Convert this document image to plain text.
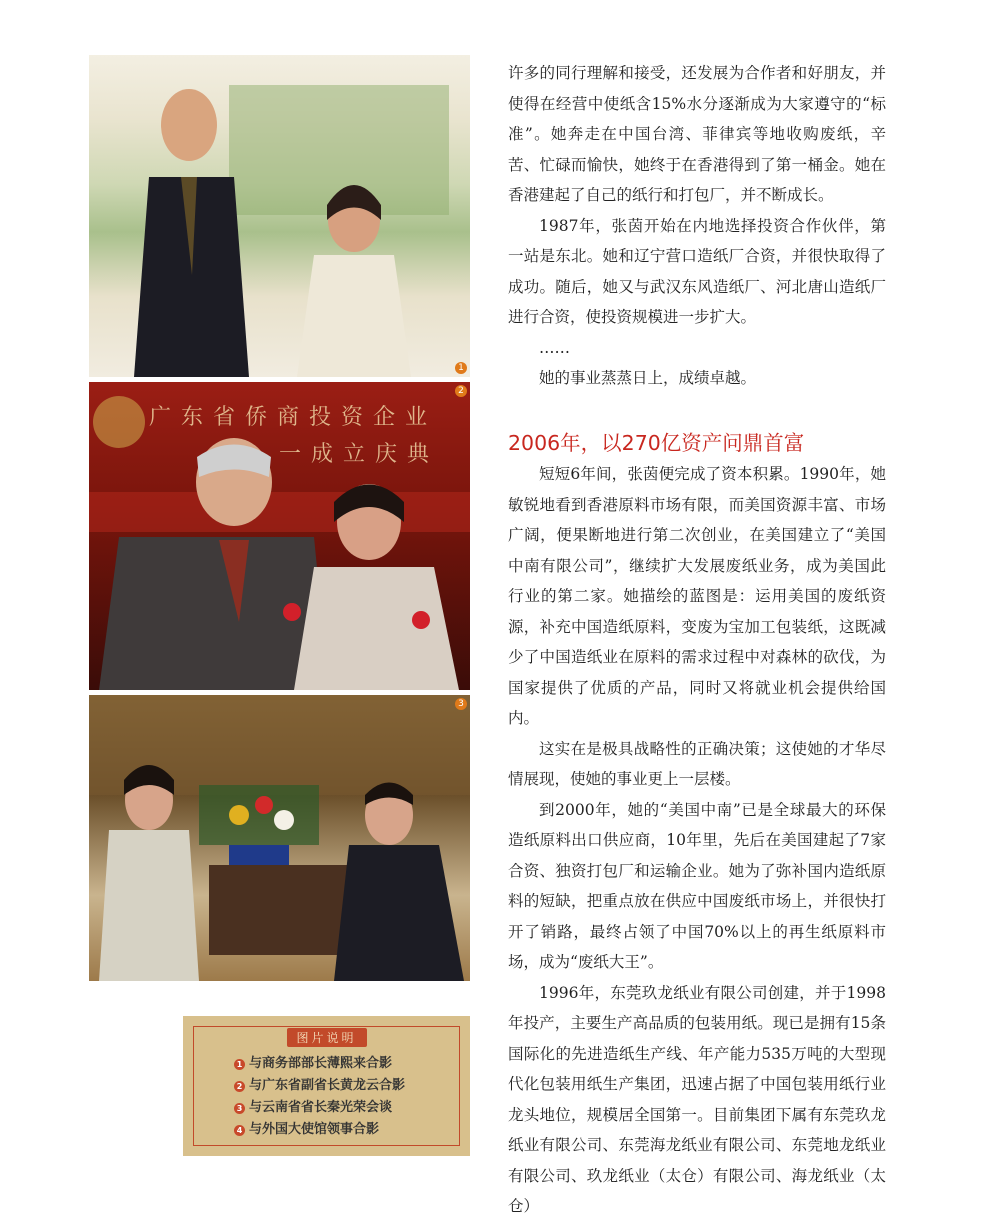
1
广东省侨商投资企业
一成立庆典
2
3
图片说明
1 与商务部部长薄熙来合影
2 与广东省副省长黄龙云合影
3 与云南省省长秦光荣会谈
4 与外国大使馆领事合影

许多的同行理解和接受，还发展为合作者和好朋友，并使得在经营中使纸含15%水分逐渐成为大家遵守的“标准”。她奔走在中国台湾、菲律宾等地收购废纸，辛苦、忙碌而愉快，她终于在香港得到了第一桶金。她在香港建起了自己的纸行和打包厂，并不断成长。

1987年，张茵开始在内地选择投资合作伙伴，第一站是东北。她和辽宁营口造纸厂合资，并很快取得了成功。随后，她又与武汉东风造纸厂、河北唐山造纸厂进行合资，使投资规模进一步扩大。

……

她的事业蒸蒸日上，成绩卓越。

2006年，以270亿资产问鼎首富

短短6年间，张茵便完成了资本积累。1990年，她敏锐地看到香港原料市场有限，而美国资源丰富、市场广阔，便果断地进行第二次创业，在美国建立了“美国中南有限公司”，继续扩大发展废纸业务，成为美国此行业的第二家。她描绘的蓝图是：运用美国的废纸资源，补充中国造纸原料，变废为宝加工包装纸，这既减少了中国造纸业在原料的需求过程中对森林的砍伐，为国家提供了优质的产品，同时又将就业机会提供给国内。

这实在是极具战略性的正确决策；这使她的才华尽情展现，使她的事业更上一层楼。

到2000年，她的“美国中南”已是全球最大的环保造纸原料出口供应商，10年里，先后在美国建起了7家合资、独资打包厂和运输企业。她为了弥补国内造纸原料的短缺，把重点放在供应中国废纸市场上，并很快打开了销路，最终占领了中国70%以上的再生纸原料市场，成为“废纸大王”。

1996年，东莞玖龙纸业有限公司创建，并于1998年投产，主要生产高品质的包装用纸。现已是拥有15条国际化的先进造纸生产线、年产能力535万吨的大型现代化包装用纸生产集团，迅速占据了中国包装用纸行业龙头地位，规模居全国第一。目前集团下属有东莞玖龙纸业有限公司、东莞海龙纸业有限公司、东莞地龙纸业有限公司、玖龙纸业（太仓）有限公司、海龙纸业（太仓）
